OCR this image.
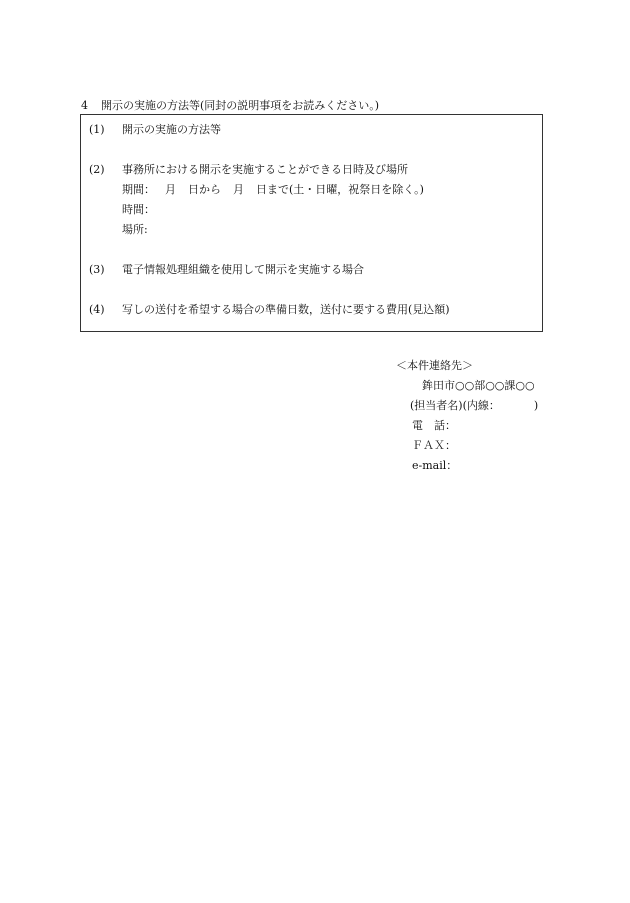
4 開示の実施の方法等(同封の説明事項をお読みください。)
(1) 開示の実施の方法等
(2) 事務所における開示を実施することができる日時及び場所
期間： 月 日から 月 日まで(土・日曜，祝祭日を除く。)
時間：
場所:
(3) 電子情報処理組織を使用して開示を実施する場合
(4) 写しの送付を希望する場合の準備日数，送付に要する費用(見込額)
＜本件連絡先＞
鉾田市○○部○○課○○
(担当者名)(内線：	)
電　話：
ＦＡＸ：
e-mail：
